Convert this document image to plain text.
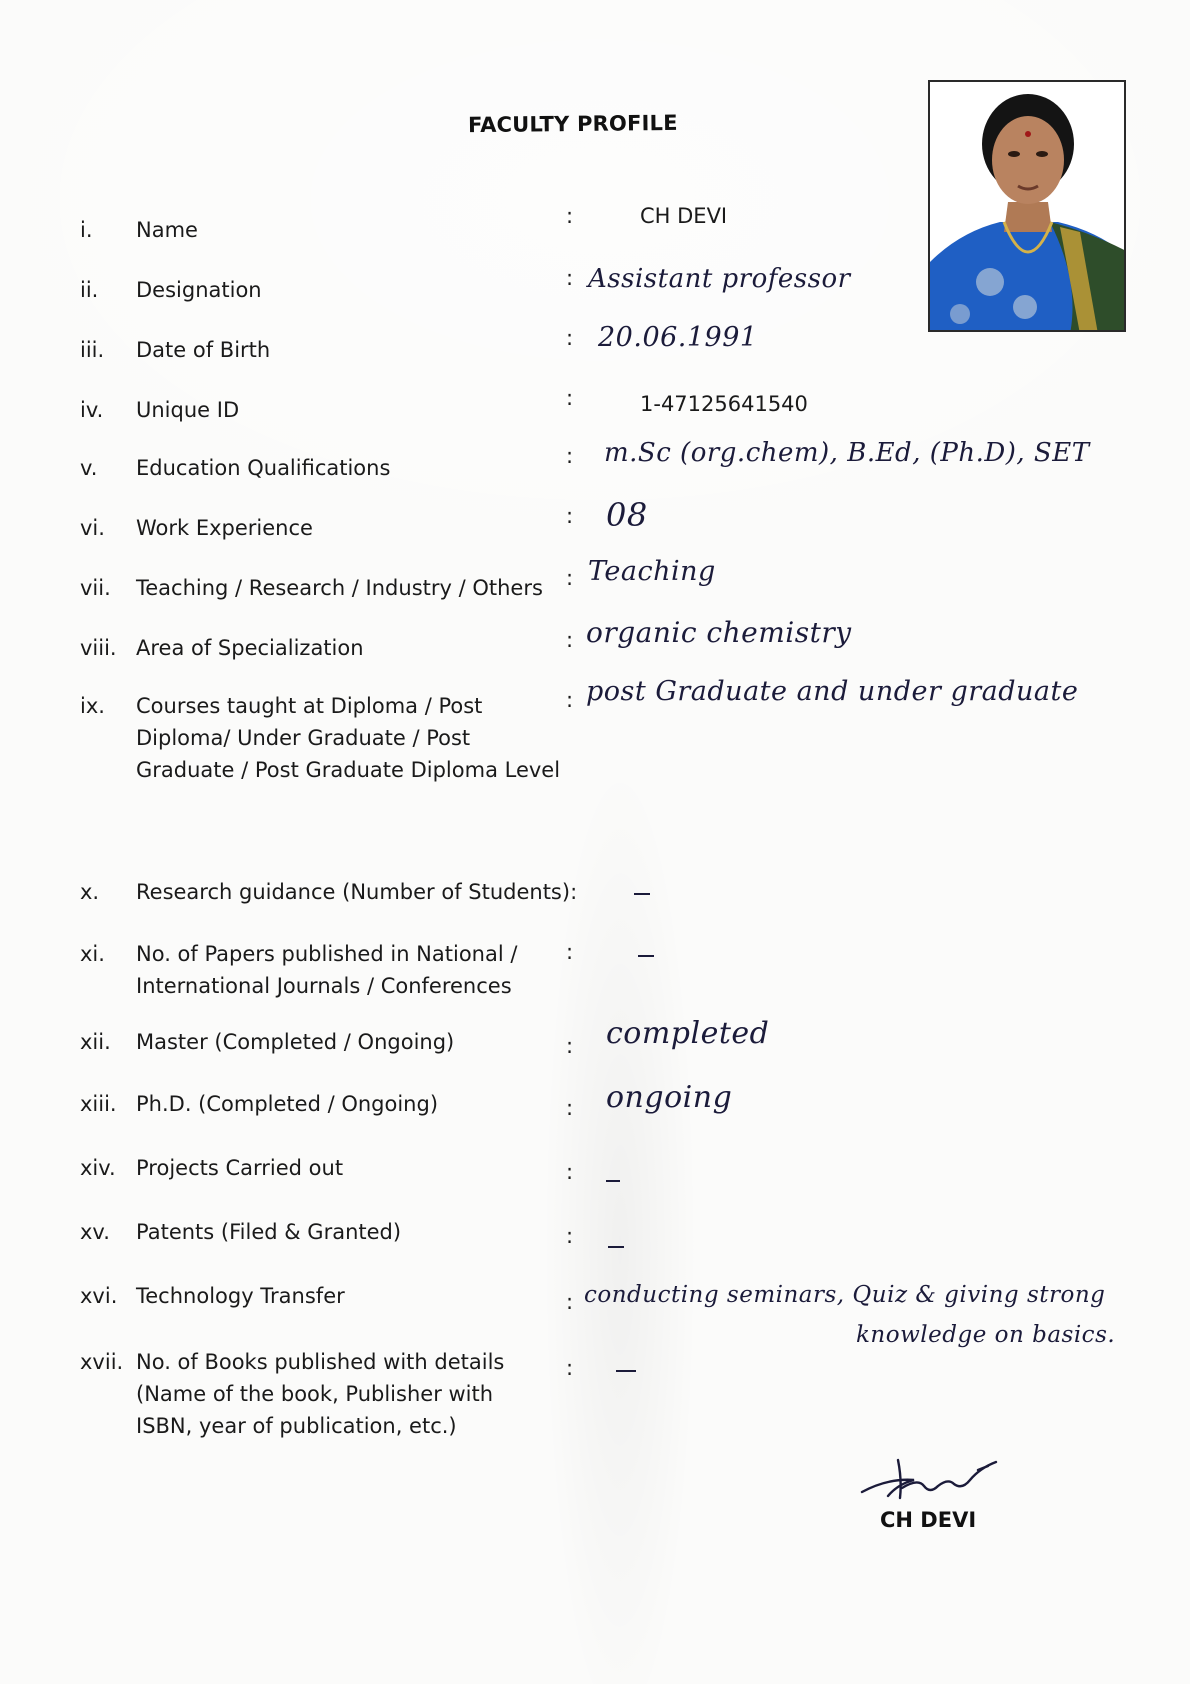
FACULTY PROFILE
i. Name
:	CH DEVI
ii. Designation	: Assistant professor
iii. Date of Birth	: 20.06.1991
iv. Unique ID	:	1-47125641540
v. Education Qualifications	: m.Sc (org.chem), B.Ed, (Ph.D), SET
vi. Work Experience	: 08
vii. Teaching / Research / Industry / Others : Teaching
viii. Area of Specialization	: organic chemistry
ix. Courses taught at Diploma / Post
Diploma/ Under Graduate / Post
Graduate / Post Graduate Diploma Level
: post Graduate and under graduate
x. Research guidance (Number of Students):
xi. No. of Papers published in National /
International Journals / Conferences
:
xii. Master (Completed / Ongoing)	: completed
xiii. Ph.D. (Completed / Ongoing)	: ongoing
xiv. Projects Carried out	:
xv. Patents (Filed & Granted)	:
xvi. Technology Transfer	: conducting seminars, Quiz & giving strong
knowledge on basics.
xvii. No. of Books published with details
(Name of the book, Publisher with
ISBN, year of publication, etc.)
:
CH DEVI
